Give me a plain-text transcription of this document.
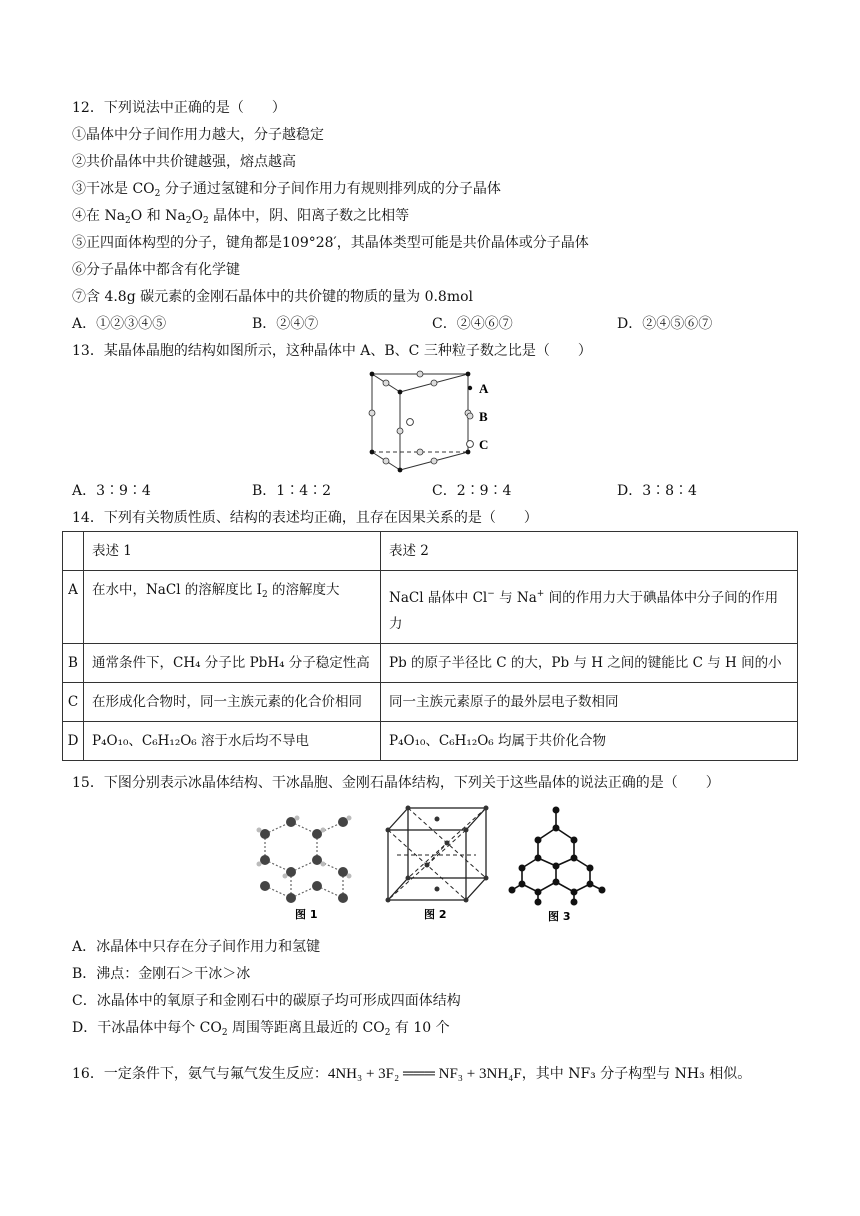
12．下列说法中正确的是（　　）
①晶体中分子间作用力越大，分子越稳定
②共价晶体中共价键越强，熔点越高
③干冰是 $CO_2$ 分子通过氢键和分子间作用力有规则排列成的分子晶体
④在 $Na_2O$ 和 $Na_2O_2$ 晶体中，阴、阳离子数之比相等
⑤正四面体构型的分子，键角都是109°28′，其晶体类型可能是共价晶体或分子晶体
⑥分子晶体中都含有化学键
⑦含 4.8g 碳元素的金刚石晶体中的共价键的物质的量为 0.8mol
A．①②③④⑤	B．②④⑦	C．②④⑥⑦	D．②④⑤⑥⑦
13．某晶体晶胞的结构如图所示，这种晶体中 A、B、C 三种粒子数之比是（　　）
A
B
C
A．3∶9∶4	B．1∶4∶2	C．2∶9∶4	D．3∶8∶4
14．下列有关物质性质、结构的表述均正确，且存在因果关系的是（　　）
	表述 1	表述 2
A	在水中，NaCl 的溶解度比 $I_2$ 的溶解度大	NaCl 晶体中 Cl− 与 Na+ 间的作用力大于碘晶体中分子间的作用力
B	通常条件下，CH₄ 分子比 PbH₄ 分子稳定性高	Pb 的原子半径比 C 的大，Pb 与 H 之间的键能比 C 与 H 间的小
C	在形成化合物时，同一主族元素的化合价相同	同一主族元素原子的最外层电子数相同
D	P₄O₁₀、C₆H₁₂O₆ 溶于水后均不导电	P₄O₁₀、C₆H₁₂O₆ 均属于共价化合物
15．下图分别表示冰晶体结构、干冰晶胞、金刚石晶体结构，下列关于这些晶体的说法正确的是（　　）
图 1	图 2	图 3
A．冰晶体中只存在分子间作用力和氢键
B．沸点：金刚石＞干冰＞冰
C．冰晶体中的氧原子和金刚石中的碳原子均可形成四面体结构
D．干冰晶体中每个 $CO_2$ 周围等距离且最近的 $CO_2$ 有 10 个
16．一定条件下，氨气与氟气发生反应：4NH₃ + 3F₂ ═══ NF₃ + 3NH₄F，其中 NF₃ 分子构型与 NH₃ 相似。
